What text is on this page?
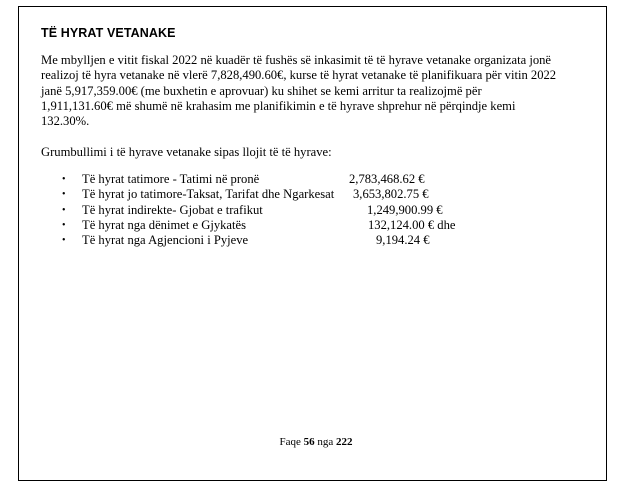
TË HYRAT VETANAKE
Me mbylljen e vitit fiskal 2022 në kuadër të fushës së inkasimit të të hyrave vetanake organizata jonë
realizoj të hyra vetanake në vlerë 7,828,490.60€, kurse të hyrat vetanake të planifikuara për vitin 2022
janë 5,917,359.00€ (me buxhetin e aprovuar) ku shihet se kemi arritur ta realizojmë për
1,911,131.60€ më shumë në krahasim me planifikimin e të hyrave shprehur në përqindje kemi
132.30%.
Grumbullimi i të hyrave vetanake sipas llojit të të hyrave:
• Të hyrat tatimore - Tatimi në pronë	2,783,468.62 €
• Të hyrat jo tatimore-Taksat, Tarifat dhe Ngarkesat 3,653,802.75 €
• Të hyrat indirekte- Gjobat e trafikut	1,249,900.99 €
• Të hyrat nga dënimet e Gjykatës	132,124.00 € dhe
• Të hyrat nga Agjencioni i Pyjeve	9,194.24 €
Faqe 56 nga 222
